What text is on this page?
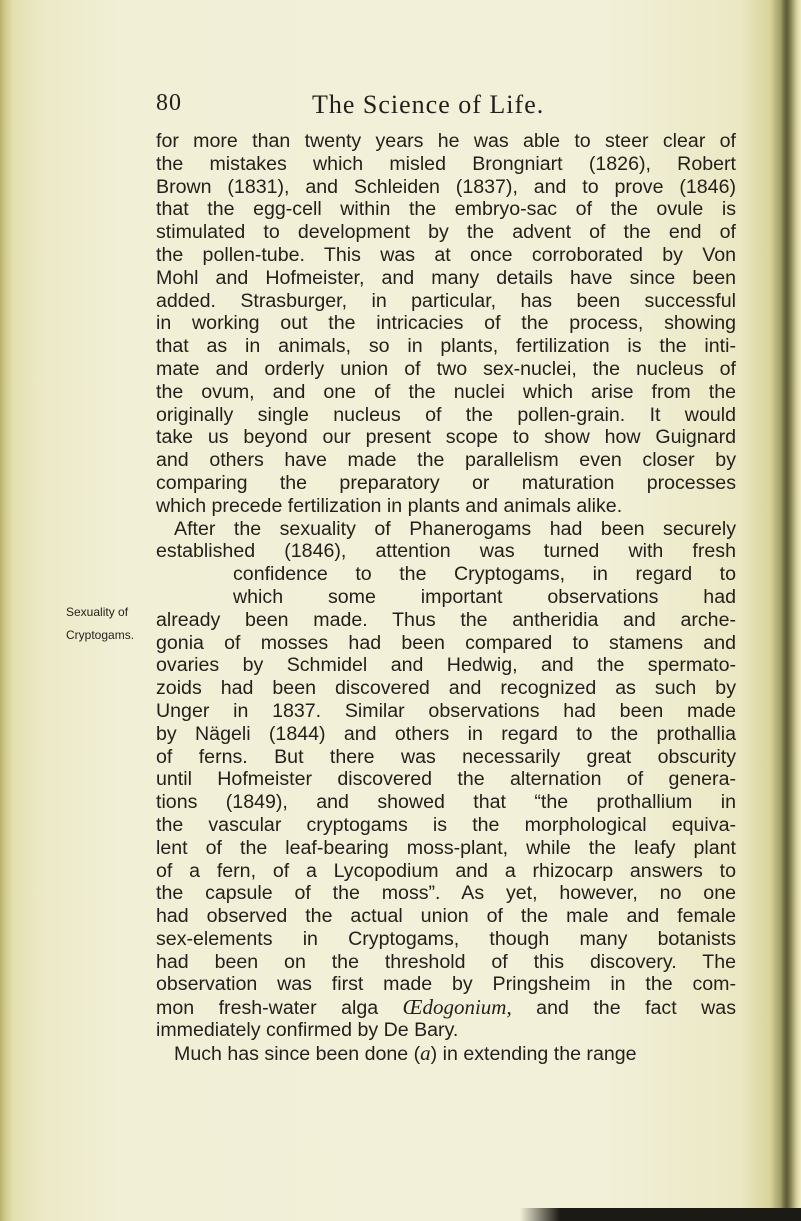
80	The Science of Life.
Sexuality of
Cryptogams.
for more than twenty years he was able to steer clear of
the mistakes which misled Brongniart (1826), Robert
Brown (1831), and Schleiden (1837), and to prove (1846)
that the egg-cell within the embryo-sac of the ovule is
stimulated to development by the advent of the end of
the pollen-tube. This was at once corroborated by Von
Mohl and Hofmeister, and many details have since been
added. Strasburger, in particular, has been successful
in working out the intricacies of the process, showing
that as in animals, so in plants, fertilization is the inti-
mate and orderly union of two sex-nuclei, the nucleus of
the ovum, and one of the nuclei which arise from the
originally single nucleus of the pollen-grain. It would
take us beyond our present scope to show how Guignard
and others have made the parallelism even closer by
comparing the preparatory or maturation processes
which precede fertilization in plants and animals alike.
After the sexuality of Phanerogams had been securely
established (1846), attention was turned with fresh
confidence to the Cryptogams, in regard to
which some important observations had
already been made. Thus the antheridia and arche-
gonia of mosses had been compared to stamens and
ovaries by Schmidel and Hedwig, and the spermato-
zoids had been discovered and recognized as such by
Unger in 1837. Similar observations had been made
by Nägeli (1844) and others in regard to the prothallia
of ferns. But there was necessarily great obscurity
until Hofmeister discovered the alternation of genera-
tions (1849), and showed that “the prothallium in
the vascular cryptogams is the morphological equiva-
lent of the leaf-bearing moss-plant, while the leafy plant
of a fern, of a Lycopodium and a rhizocarp answers to
the capsule of the moss”. As yet, however, no one
had observed the actual union of the male and female
sex-elements in Cryptogams, though many botanists
had been on the threshold of this discovery. The
observation was first made by Pringsheim in the com-
mon fresh-water alga Œdogonium, and the fact was
immediately confirmed by De Bary.
Much has since been done (a) in extending the range
